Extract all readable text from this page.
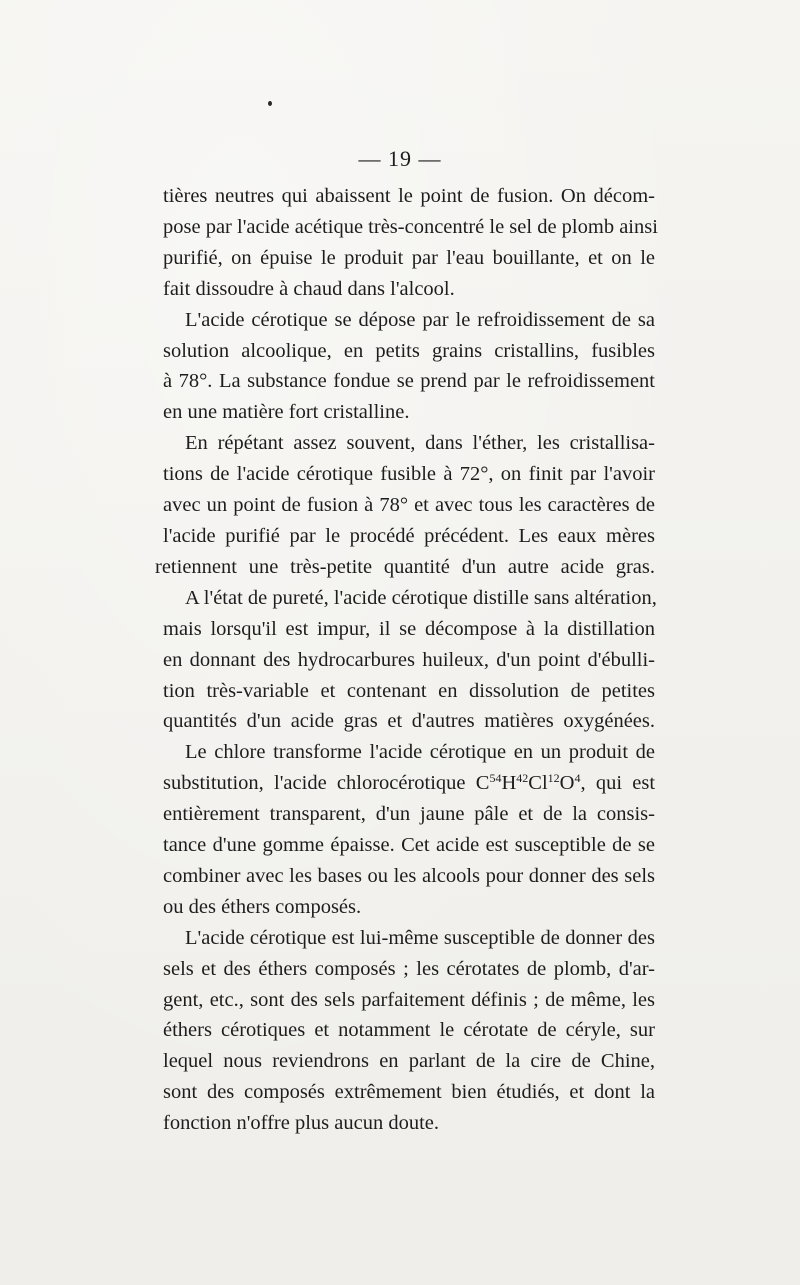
— 19 —
tières neutres qui abaissent le point de fusion. On décom-
pose par l'acide acétique très-concentré le sel de plomb ainsi
purifié, on épuise le produit par l'eau bouillante, et on le
fait dissoudre à chaud dans l'alcool.
L'acide cérotique se dépose par le refroidissement de sa
solution alcoolique, en petits grains cristallins, fusibles
à 78°. La substance fondue se prend par le refroidissement
en une matière fort cristalline.
En répétant assez souvent, dans l'éther, les cristallisa-
tions de l'acide cérotique fusible à 72°, on finit par l'avoir
avec un point de fusion à 78° et avec tous les caractères de
l'acide purifié par le procédé précédent. Les eaux mères
retiennent une très-petite quantité d'un autre acide gras.
A l'état de pureté, l'acide cérotique distille sans altération,
mais lorsqu'il est impur, il se décompose à la distillation
en donnant des hydrocarbures huileux, d'un point d'ébulli-
tion très-variable et contenant en dissolution de petites
quantités d'un acide gras et d'autres matières oxygénées.
Le chlore transforme l'acide cérotique en un produit de
substitution, l'acide chlorocérotique $C^{54}H^{42}Cl^{12}O^4$, qui est
entièrement transparent, d'un jaune pâle et de la consis-
tance d'une gomme épaisse. Cet acide est susceptible de se
combiner avec les bases ou les alcools pour donner des sels
ou des éthers composés.
L'acide cérotique est lui-même susceptible de donner des
sels et des éthers composés ; les cérotates de plomb, d'ar-
gent, etc., sont des sels parfaitement définis ; de même, les
éthers cérotiques et notamment le cérotate de céryle, sur
lequel nous reviendrons en parlant de la cire de Chine,
sont des composés extrêmement bien étudiés, et dont la
fonction n'offre plus aucun doute.
